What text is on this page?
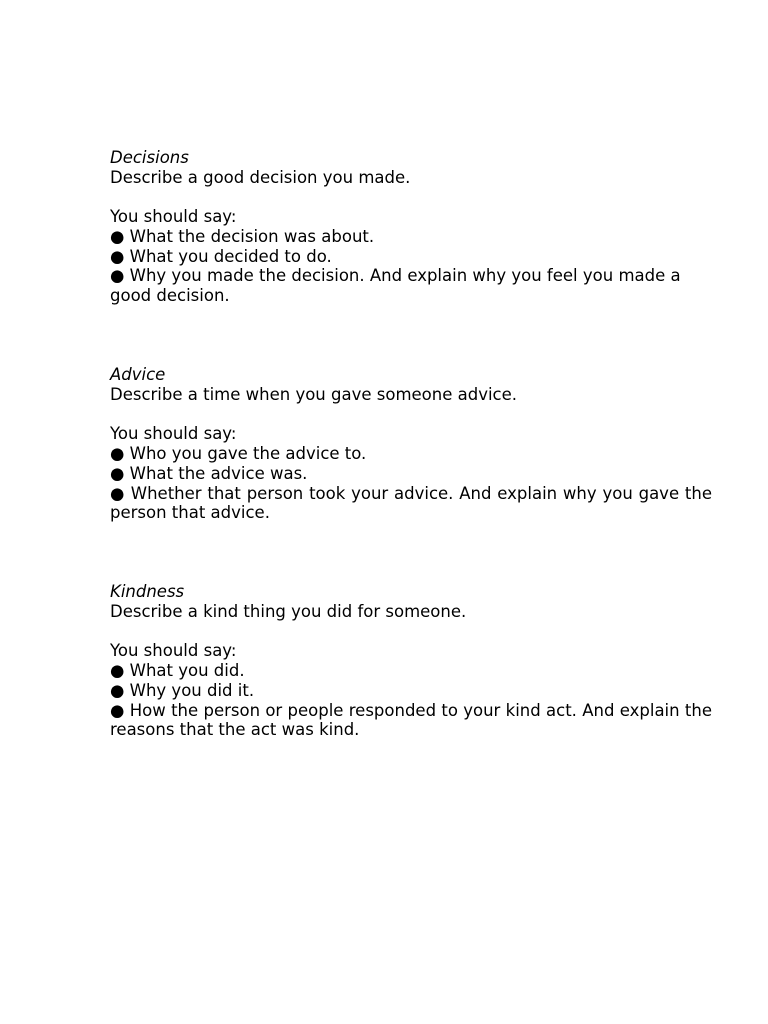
Decisions

Describe a good decision you made.

You should say:

● What the decision was about.

● What you decided to do.

● Why you made the decision. And explain why you feel you made a good decision.

Advice

Describe a time when you gave someone advice.

You should say:

● Who you gave the advice to.

● What the advice was.

● Whether that person took your advice. And explain why you gave the person that advice.

Kindness

Describe a kind thing you did for someone.

You should say:

● What you did.

● Why you did it.

● How the person or people responded to your kind act. And explain the reasons that the act was kind.
